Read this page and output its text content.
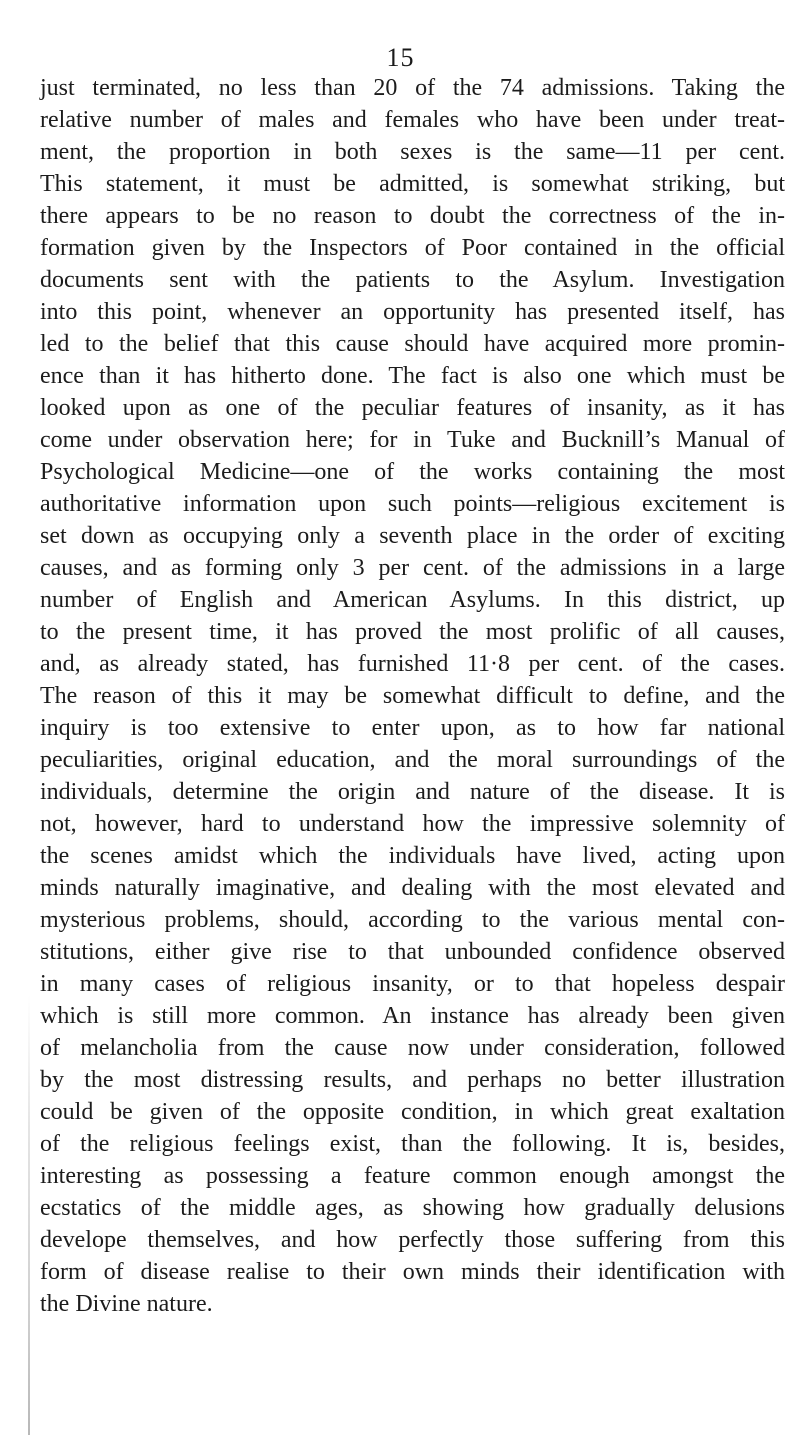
15
just terminated, no less than 20 of the 74 admissions. Taking the
relative number of males and females who have been under treat-
ment, the proportion in both sexes is the same—11 per cent.
This statement, it must be admitted, is somewhat striking, but
there appears to be no reason to doubt the correctness of the in-
formation given by the Inspectors of Poor contained in the official
documents sent with the patients to the Asylum. Investigation
into this point, whenever an opportunity has presented itself, has
led to the belief that this cause should have acquired more promin-
ence than it has hitherto done. The fact is also one which must be
looked upon as one of the peculiar features of insanity, as it has
come under observation here; for in Tuke and Bucknill’s Manual of
Psychological Medicine—one of the works containing the most
authoritative information upon such points—religious excitement is
set down as occupying only a seventh place in the order of exciting
causes, and as forming only 3 per cent. of the admissions in a large
number of English and American Asylums. In this district, up
to the present time, it has proved the most prolific of all causes,
and, as already stated, has furnished 11·8 per cent. of the cases.
The reason of this it may be somewhat difficult to define, and the
inquiry is too extensive to enter upon, as to how far national
peculiarities, original education, and the moral surroundings of the
individuals, determine the origin and nature of the disease. It is
not, however, hard to understand how the impressive solemnity of
the scenes amidst which the individuals have lived, acting upon
minds naturally imaginative, and dealing with the most elevated and
mysterious problems, should, according to the various mental con-
stitutions, either give rise to that unbounded confidence observed
in many cases of religious insanity, or to that hopeless despair
which is still more common. An instance has already been given
of melancholia from the cause now under consideration, followed
by the most distressing results, and perhaps no better illustration
could be given of the opposite condition, in which great exaltation
of the religious feelings exist, than the following. It is, besides,
interesting as possessing a feature common enough amongst the
ecstatics of the middle ages, as showing how gradually delusions
develope themselves, and how perfectly those suffering from this
form of disease realise to their own minds their identification with
the Divine nature.
